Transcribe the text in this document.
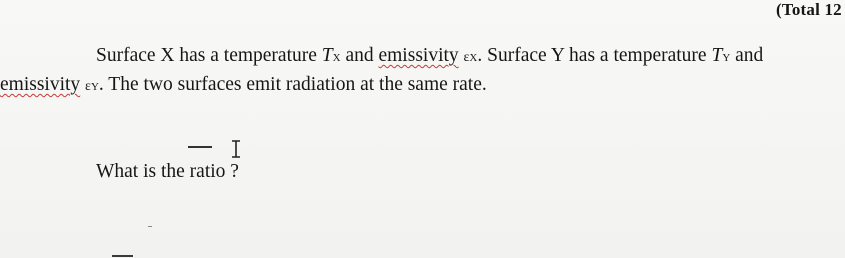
(Total 12
Surface X has a temperature TX and emissivity εX. Surface Y has a temperature TY and
emissivity εY. The two surfaces emit radiation at the same rate.
What is the ratio ?
